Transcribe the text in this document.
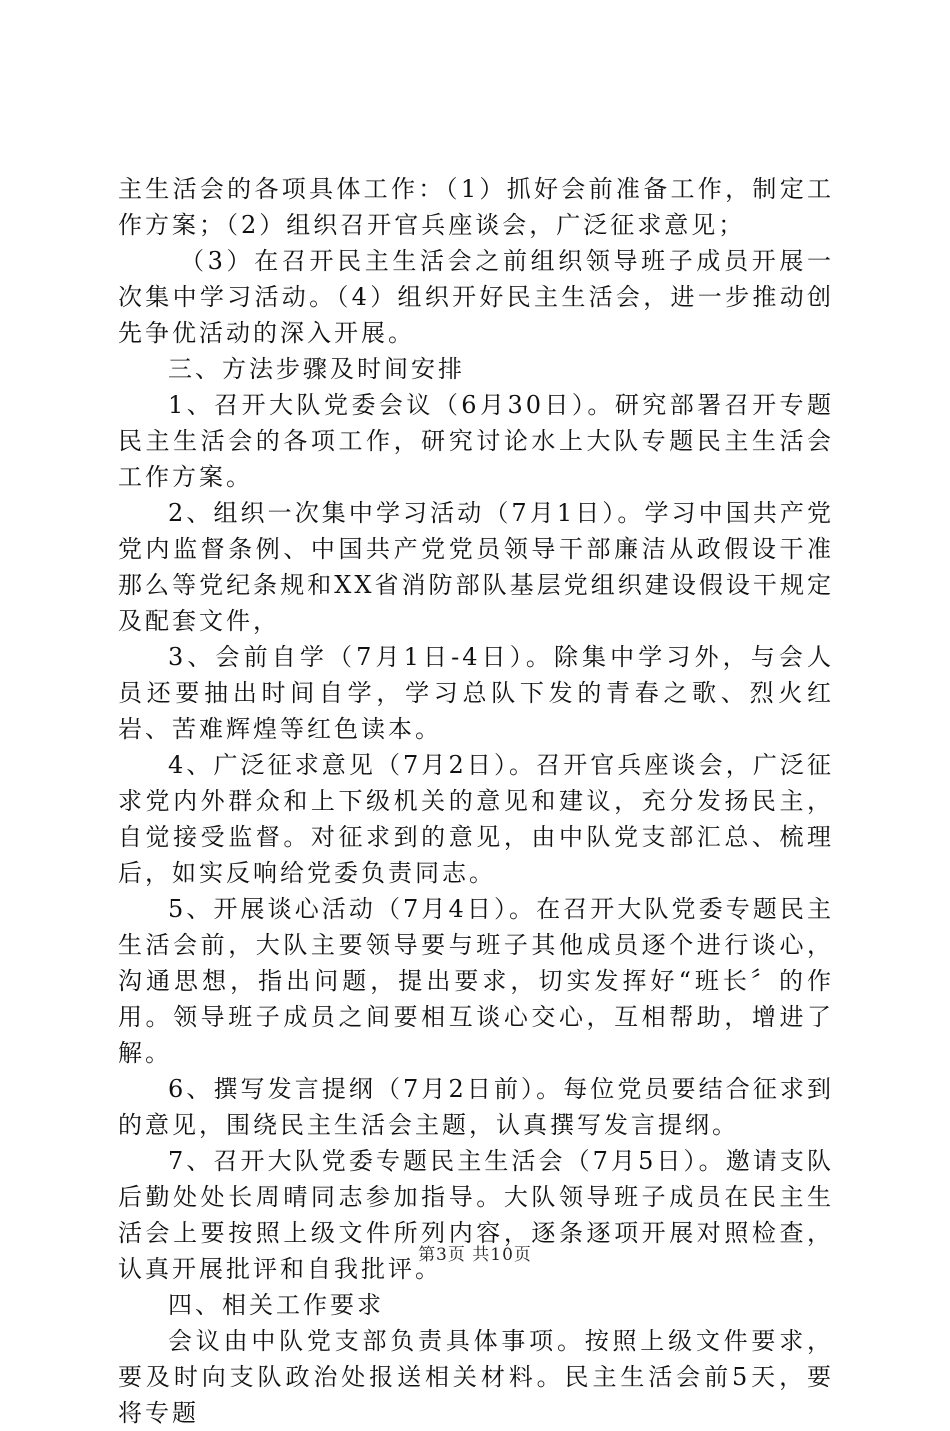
主生活会的各项具体工作：（1）抓好会前准备工作，制定工作方案；（2）组织召开官兵座谈会，广泛征求意见；

（3）在召开民主生活会之前组织领导班子成员开展一次集中学习活动。（4）组织开好民主生活会，进一步推动创先争优活动的深入开展。

三、方法步骤及时间安排

1、召开大队党委会议（6月30日）。研究部署召开专题民主生活会的各项工作，研究讨论水上大队专题民主生活会工作方案。

2、组织一次集中学习活动（7月1日）。学习中国共产党党内监督条例、中国共产党党员领导干部廉洁从政假设干准那么等党纪条规和XX省消防部队基层党组织建设假设干规定及配套文件，

3、会前自学（7月1日-4日）。除集中学习外，与会人员还要抽出时间自学，学习总队下发的青春之歌、烈火红岩、苦难辉煌等红色读本。

4、广泛征求意见（7月2日）。召开官兵座谈会，广泛征求党内外群众和上下级机关的意见和建议，充分发扬民主，自觉接受监督。对征求到的意见，由中队党支部汇总、梳理后，如实反响给党委负责同志。

5、开展谈心活动（7月4日）。在召开大队党委专题民主生活会前，大队主要领导要与班子其他成员逐个进行谈心，沟通思想，指出问题，提出要求，切实发挥好“班长〞的作用。领导班子成员之间要相互谈心交心，互相帮助，增进了解。

6、撰写发言提纲（7月2日前）。每位党员要结合征求到的意见，围绕民主生活会主题，认真撰写发言提纲。

7、召开大队党委专题民主生活会（7月5日）。邀请支队后勤处处长周晴同志参加指导。大队领导班子成员在民主生活会上要按照上级文件所列内容，逐条逐项开展对照检查，认真开展批评和自我批评。

四、相关工作要求

会议由中队党支部负责具体事项。按照上级文件要求，要及时向支队政治处报送相关材料。民主生活会前5天，要将专题

第3页 共10页
